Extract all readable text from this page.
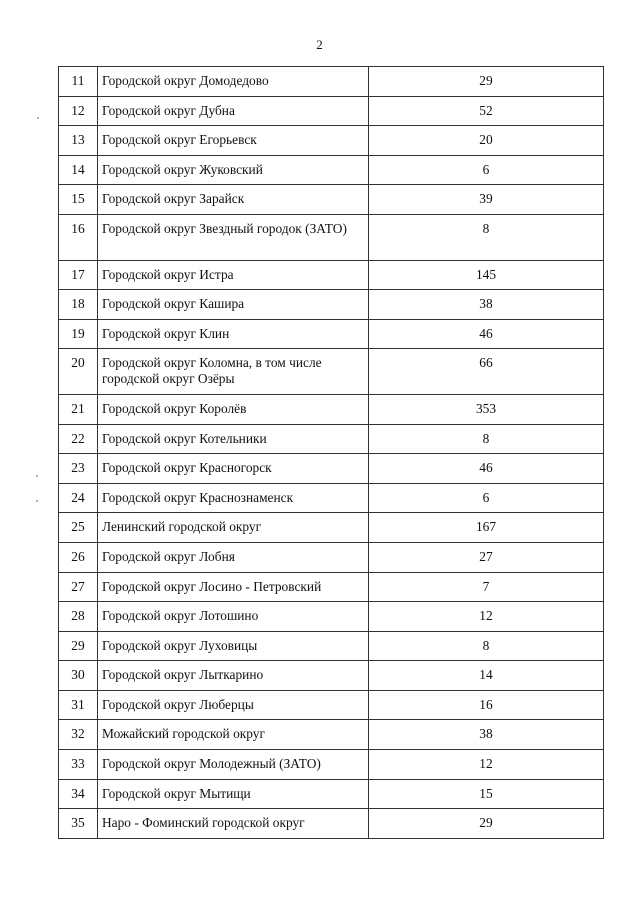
2
11	Городской округ Домодедово	29
12	Городской округ Дубна	52
13	Городской округ Егорьевск	20
14	Городской округ Жуковский	6
15	Городской округ Зарайск	39
16	Городской округ Звездный городок (ЗАТО)	8
17	Городской округ Истра	145
18	Городской округ Кашира	38
19	Городской округ Клин	46
20	Городской округ Коломна, в том числе городской округ Озёры	66
21	Городской округ Королёв	353
22	Городской округ Котельники	8
23	Городской округ Красногорск	46
24	Городской округ Краснознаменск	6
25	Ленинский городской округ	167
26	Городской округ Лобня	27
27	Городской округ Лосино - Петровский	7
28	Городской округ Лотошино	12
29	Городской округ Луховицы	8
30	Городской округ Лыткарино	14
31	Городской округ Люберцы	16
32	Можайский городской округ	38
33	Городской округ Молодежный (ЗАТО)	12
34	Городской округ Мытищи	15
35	Наро - Фоминский городской округ	29
